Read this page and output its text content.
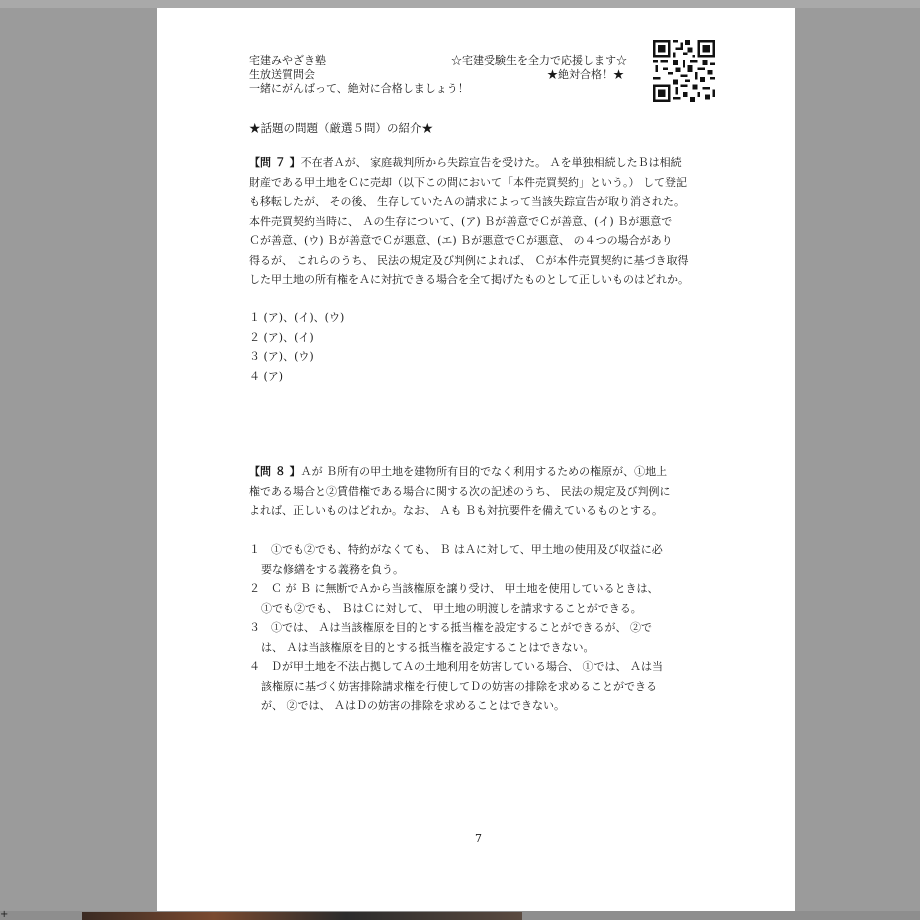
宅建みやざき塾
生放送質問会
一緒にがんばって、絶対に合格しましょう！
☆宅建受験生を全力で応援します☆
★絶対合格！★
★話題の問題（厳選５問）の紹介★
【問 ７ 】不在者Ａが、 家庭裁判所から失踪宣告を受けた。 Ａを単独相続したＢは相続
財産である甲土地をＣに売却（以下この問において「本件売買契約」という。） して登記
も移転したが、 その後、 生存していたＡの請求によって当該失踪宣告が取り消された。
本件売買契約当時に、 Ａの生存について、(ア) Ｂが善意でＣが善意、(イ) Ｂが悪意で
Ｃが善意、(ウ) Ｂが善意でＣが悪意、(エ) Ｂが悪意でＣが悪意、 の４つの場合があり
得るが、 これらのうち、 民法の規定及び判例によれば、 Ｃが本件売買契約に基づき取得
した甲土地の所有権をＡに対抗できる場合を全て掲げたものとして正しいものはどれか。
１ (ア)、(イ)、(ウ)
２ (ア)、(イ)
３ (ア)、(ウ)
４ (ア)
【問 ８ 】Ａが Ｂ所有の甲土地を建物所有目的でなく利用するための権原が、①地上
権である場合と②賃借権である場合に関する次の記述のうち、 民法の規定及び判例に
よれば、正しいものはどれか。なお、 Ａも Ｂも対抗要件を備えているものとする。
１　①でも②でも、特約がなくても、 Ｂ はＡに対して、甲土地の使用及び収益に必
要な修繕をする義務を負う。
２　Ｃ が Ｂ に無断でＡから当該権原を譲り受け、 甲土地を使用しているときは、
①でも②でも、 ＢはＣに対して、 甲土地の明渡しを請求することができる。
３　①では、 Ａは当該権原を目的とする抵当権を設定することができるが、 ②で
は、 Ａは当該権原を目的とする抵当権を設定することはできない。
４　Ｄが甲土地を不法占拠してＡの土地利用を妨害している場合、 ①では、 Ａは当
該権原に基づく妨害排除請求権を行使してＤの妨害の排除を求めることができる
が、 ②では、 ＡはＤの妨害の排除を求めることはできない。
7
+
